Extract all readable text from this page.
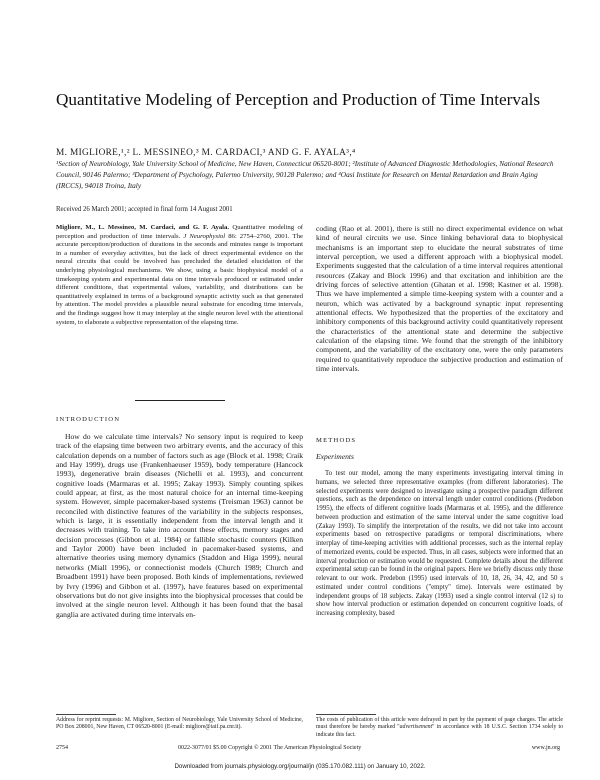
Quantitative Modeling of Perception and Production of Time Intervals
M. MIGLIORE,¹,² L. MESSINEO,³ M. CARDACI,³ AND G. F. AYALA³,⁴
¹Section of Neurobiology, Yale University School of Medicine, New Haven, Connecticut 06520-8001; ²Institute of Advanced Diagnostic Methodologies, National Research Council, 90146 Palermo; ³Department of Psychology, Palermo University, 90128 Palermo; and ⁴Oasi Institute for Research on Mental Retardation and Brain Aging (IRCCS), 94018 Troina, Italy
Received 26 March 2001; accepted in final form 14 August 2001
Migliore, M., L. Messineo, M. Cardaci, and G. F. Ayala. Quantitative modeling of perception and production of time intervals. J Neurophysiol 86: 2754–2760, 2001. The accurate perception/production of durations in the seconds and minutes range is important in a number of everyday activities, but the lack of direct experimental evidence on the neural circuits that could be involved has precluded the detailed elucidation of the underlying physiological mechanisms. We show, using a basic biophysical model of a timekeeping system and experimental data on time intervals produced or estimated under different conditions, that experimental values, variability, and distributions can be quantitatively explained in terms of a background synaptic activity such as that generated by attention. The model provides a plausible neural substrate for encoding time intervals, and the findings suggest how it may interplay at the single neuron level with the attentional system, to elaborate a subjective representation of the elapsing time.
coding (Rao et al. 2001), there is still no direct experimental evidence on what kind of neural circuits we use. Since linking behavioral data to biophysical mechanisms is an important step to elucidate the neural substrates of time interval perception, we used a different approach with a biophysical model. Experiments suggested that the calculation of a time interval requires attentional resources (Zakay and Block 1996) and that excitation and inhibition are the driving forces of selective attention (Ghatan et al. 1998; Kastner et al. 1998). Thus we have implemented a simple time-keeping system with a counter and a neuron, which was activated by a background synaptic input representing attentional effects. We hypothesized that the properties of the excitatory and inhibitory components of this background activity could quantitatively represent the characteristics of the attentional state and determine the subjective calculation of the elapsing time. We found that the strength of the inhibitory component, and the variability of the excitatory one, were the only parameters required to quantitatively reproduce the subjective production and estimation of time intervals.
INTRODUCTION
How do we calculate time intervals? No sensory input is required to keep track of the elapsing time between two arbitrary events, and the accuracy of this calculation depends on a number of factors such as age (Block et al. 1998; Craik and Hay 1999), drugs use (Frankenhaeuser 1959), body temperature (Hancock 1993), degenerative brain diseases (Nichelli et al. 1993), and concurrent cognitive loads (Marmaras et al. 1995; Zakay 1993). Simply counting spikes could appear, at first, as the most natural choice for an internal time-keeping system. However, simple pacemaker-based systems (Treisman 1963) cannot be reconciled with distinctive features of the variability in the subjects responses, which is large, it is essentially independent from the interval length and it decreases with training. To take into account these effects, memory stages and decision processes (Gibbon et al. 1984) or fallible stochastic counters (Kilken and Taylor 2000) have been included in pacemaker-based systems, and alternative theories using memory dynamics (Staddon and Higa 1999), neural networks (Miall 1996), or connectionist models (Church 1989; Church and Broadbent 1991) have been proposed. Both kinds of implementations, reviewed by Ivry (1996) and Gibbon et al. (1997), have features based on experimental observations but do not give insights into the biophysical processes that could be involved at the single neuron level. Although it has been found that the basal ganglia are activated during time intervals en-
METHODS
Experiments
To test our model, among the many experiments investigating interval timing in humans, we selected three representative examples (from different laboratories). The selected experiments were designed to investigate using a prospective paradigm different questions, such as the dependence on interval length under control conditions (Predebon 1995), the effects of different cognitive loads (Marmaras et al. 1995), and the difference between production and estimation of the same interval under the same cognitive load (Zakay 1993). To simplify the interpretation of the results, we did not take into account experiments based on retrospective paradigms or temporal discriminations, where interplay of time-keeping activities with additional processes, such as the internal replay of memorized events, could be expected. Thus, in all cases, subjects were informed that an interval production or estimation would be requested. Complete details about the different experimental setup can be found in the original papers. Here we briefly discuss only those relevant to our work. Predebon (1995) used intervals of 10, 18, 26, 34, 42, and 50 s estimated under control conditions ("empty" time). Intervals were estimated by independent groups of 18 subjects. Zakay (1993) used a single control interval (12 s) to show how interval production or estimation depended on concurrent cognitive loads, of increasing complexity, based
Address for reprint requests: M. Migliore, Section of Neurobiology, Yale University School of Medicine, PO Box 208001, New Haven, CT 06520-8001 (E-mail: migliore@iaif.pa.cnr.it).
The costs of publication of this article were defrayed in part by the payment of page charges. The article must therefore be hereby marked "advertisement" in accordance with 18 U.S.C. Section 1734 solely to indicate this fact.
2754	0022-3077/01 $5.00 Copyright © 2001 The American Physiological Society	www.jn.org
Downloaded from journals.physiology.org/journal/jn (035.170.082.111) on January 10, 2022.
